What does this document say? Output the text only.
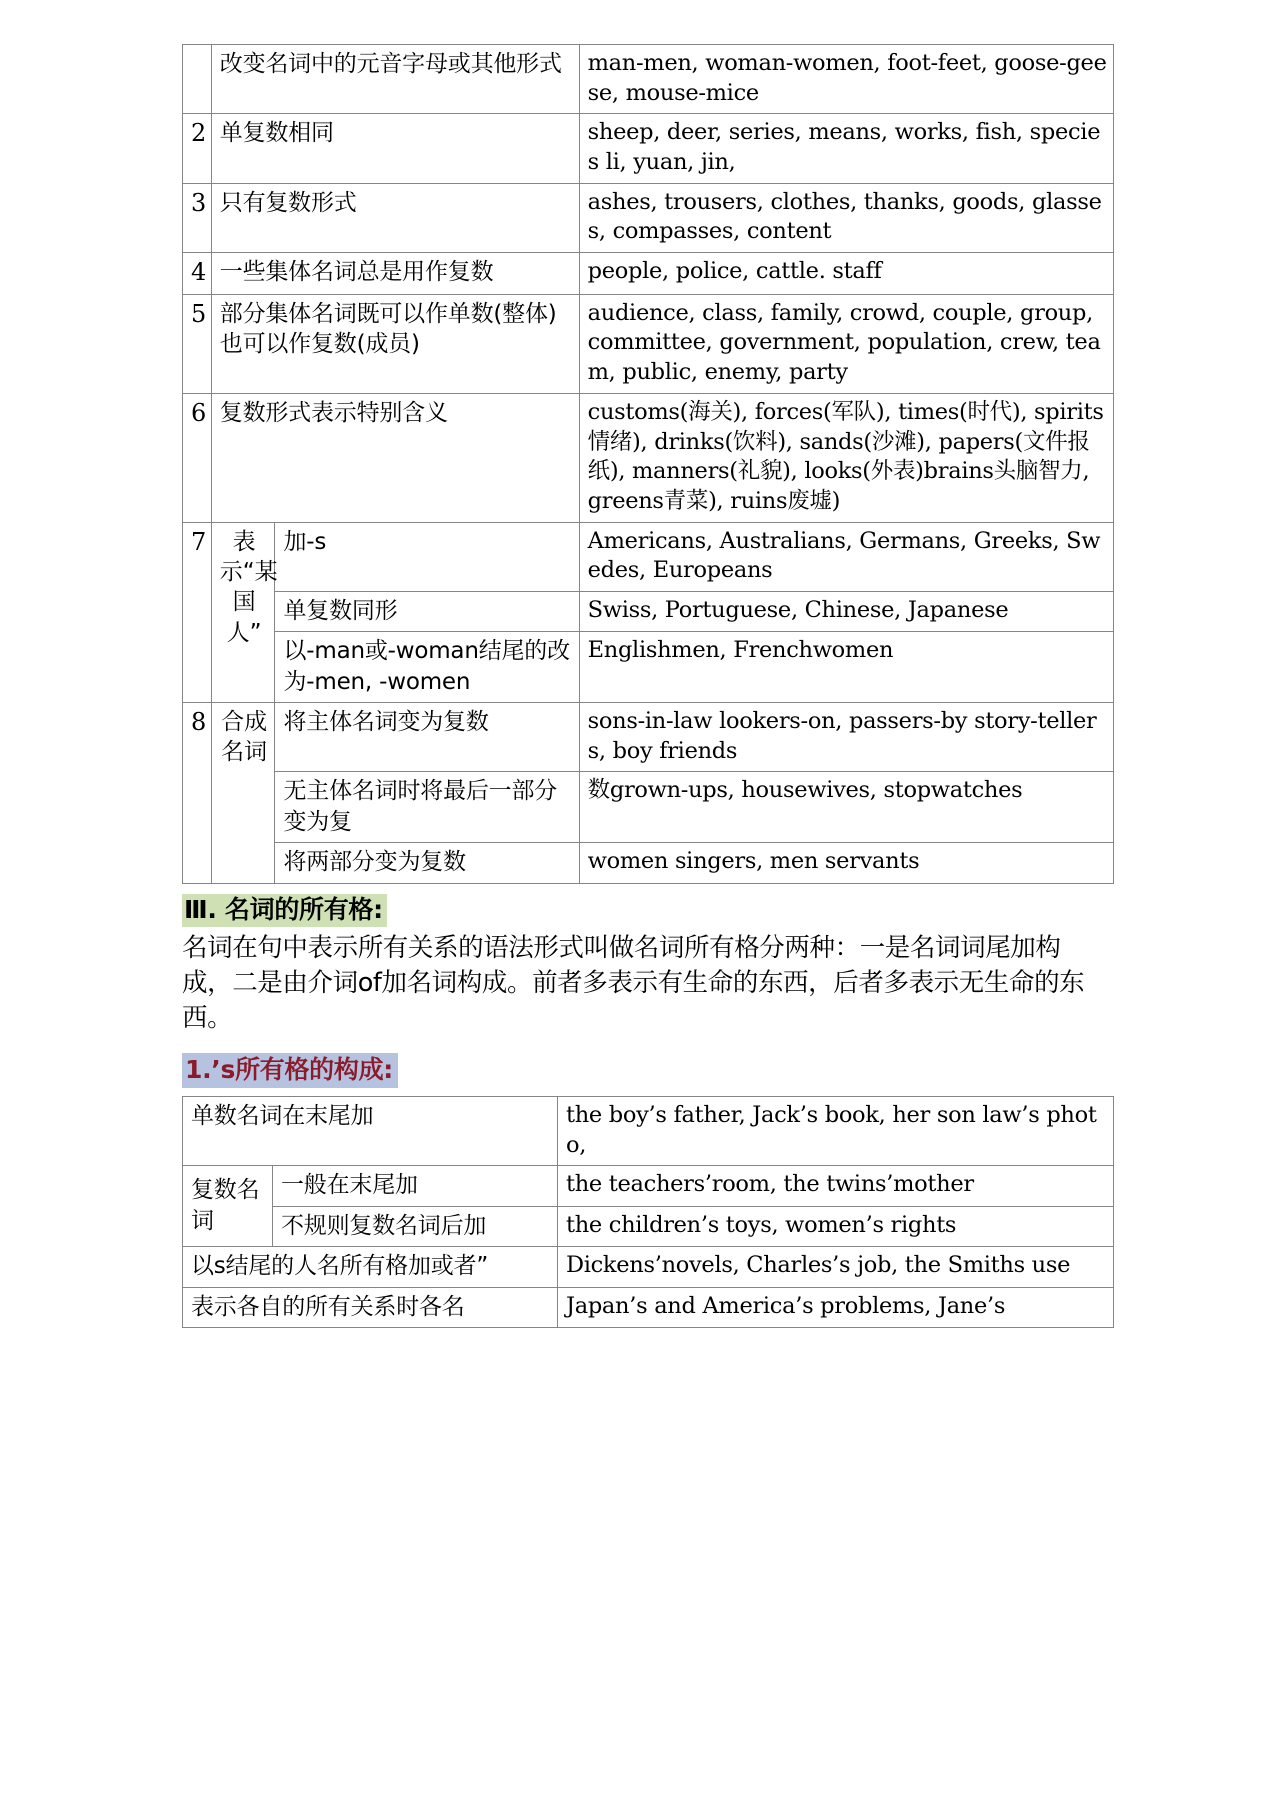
	改变名词中的元音字母或其他形式		man-men, woman-women, foot-feet, goose-geese, mouse-mice
2	单复数相同		sheep, deer, series, means, works, fish, species li, yuan, jin,
3	只有复数形式		ashes, trousers, clothes, thanks, goods, glasses, compasses, content
4	一些集体名词总是用作复数		people, police, cattle. staff
5	部分集体名词既可以作单数(整体)也可以作复数(成员)		audience, class, family, crowd, couple, group, committee, government, population, crew, team, public, enemy, party
6	复数形式表示特别含义		customs(海关), forces(军队), times(时代), spirits情绪), drinks(饮料), sands(沙滩), papers(文件报纸), manners(礼貌), looks(外表)brains头脑智力, greens青菜), ruins废墟)
7	表示“某国人”	加-s	Americans, Australians, Germans, Greeks, Swedes, Europeans
		单复数同形	Swiss, Portuguese, Chinese, Japanese
		以-man或-woman结尾的改为-men, -women	Englishmen, Frenchwomen
8	合成名词	将主体名词变为复数	sons-in-law lookers-on, passers-by story-tellers, boy friends
		无主体名词时将最后一部分变为复	数grown-ups, housewives, stopwatches
		将两部分变为复数	women singers, men servants
Ⅲ. 名词的所有格:
名词在句中表示所有关系的语法形式叫做名词所有格分两种：一是名词词尾加构成，二是由介词of加名词构成。前者多表示有生命的东西，后者多表示无生命的东西。
1.’s所有格的构成:
单数名词在末尾加		the boy’s father, Jack’s book, her son law’s photo,
复数名词	一般在末尾加	the teachers’room, the twins’mother
	不规则复数名词后加	the children’s toys, women’s rights
以s结尾的人名所有格加或者”		Dickens’novels, Charles’s job, the Smiths use
表示各自的所有关系时各名		Japan’s and America’s problems, Jane’s
